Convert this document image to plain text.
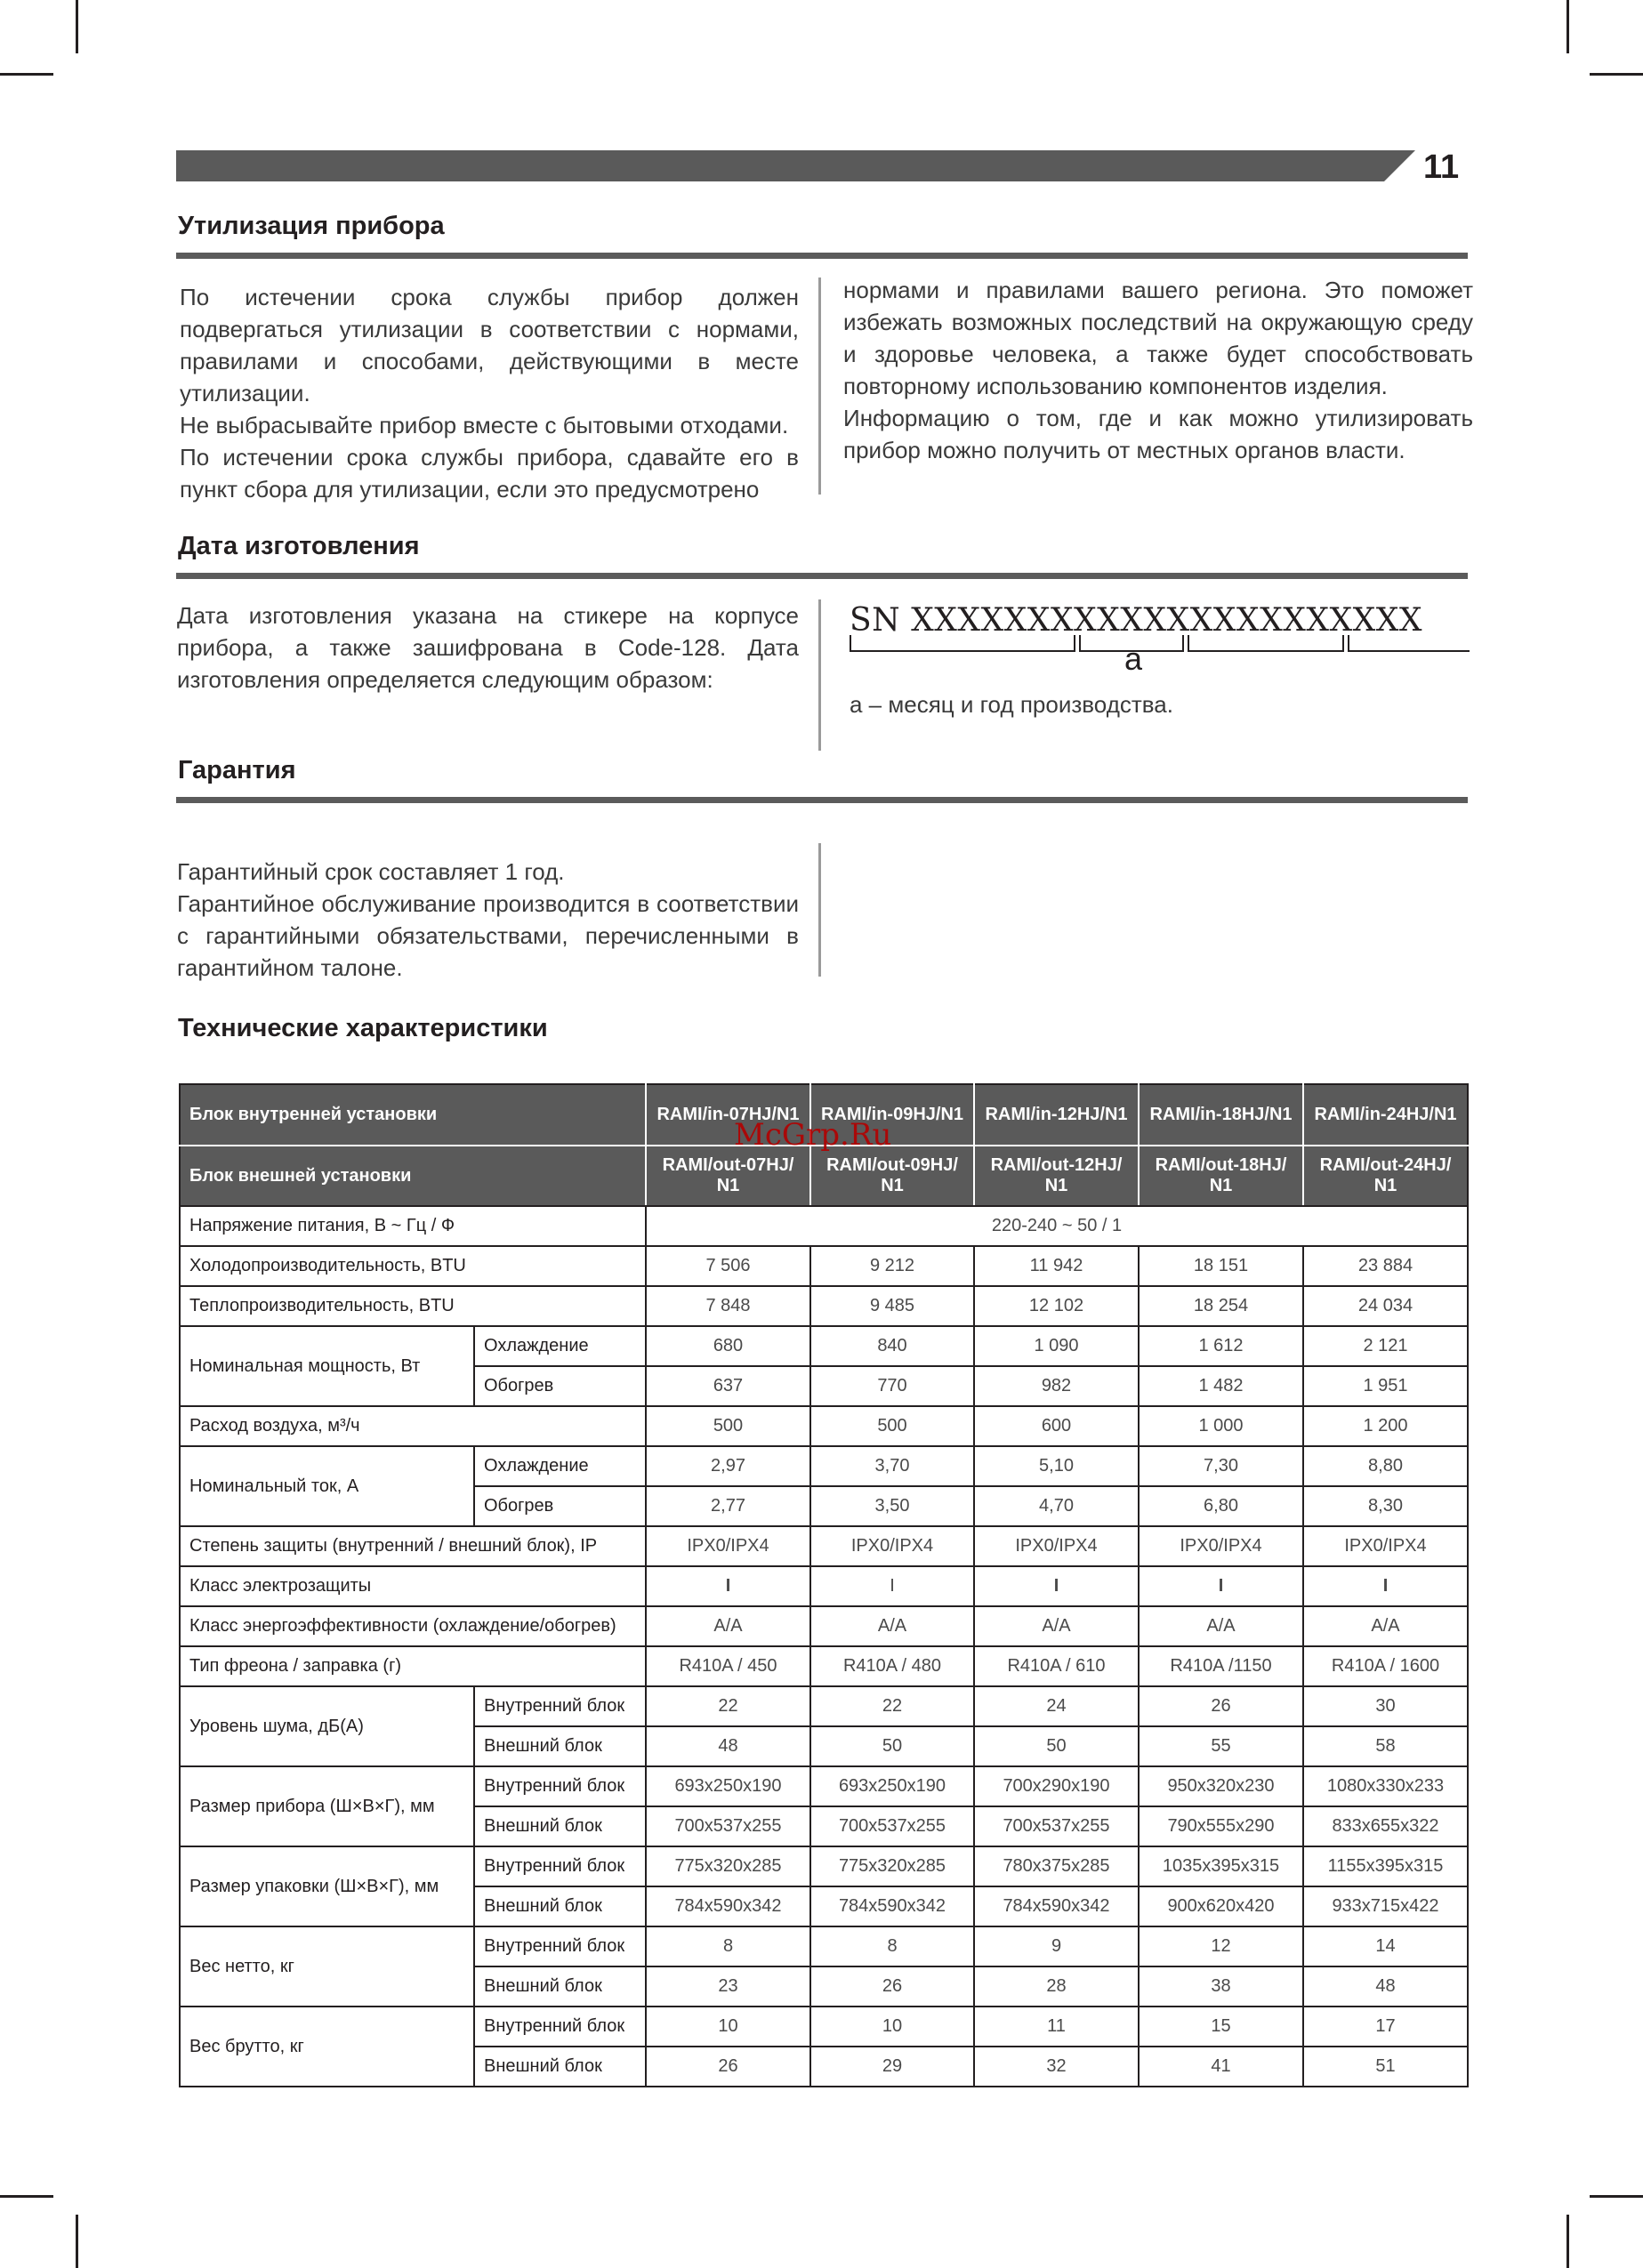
11
Утилизация прибора

По истечении срока службы прибор должен подвергаться утилизации в соответствии с нормами, правилами и способами, действующими в месте утилизации.

Не выбрасывайте прибор вместе с бытовыми отходами.

По истечении срока службы прибора, сдавайте его в пункт сбора для утилизации, если это предусмотрено

нормами и правилами вашего региона. Это поможет избежать возможных последствий на окружающую среду и здоровье человека, а также будет способствовать повторному использованию компонентов изделия.

Информацию о том, где и как можно утилизировать прибор можно получить от местных органов власти.

Дата изготовления
Дата изготовления указана на стикере на корпусе прибора, а также зашифрована в Code-128. Дата изготовления определяется следующим образом:
SN XXXXXXXXXXXXXXXXXXXXXX
a
а – месяц и год производства.
Гарантия

Гарантийный срок составляет 1 год.

Гарантийное обслуживание производится в соответствии с гарантийными обязательствами, перечисленными в гарантийном талоне.

Технические характеристики
Блок внутренней установки		RAMI/in-07HJ/N1	RAMI/in-09HJ/N1	RAMI/in-12HJ/N1	RAMI/in-18HJ/N1	RAMI/in-24HJ/N1
Блок внешней установки		RAMI/out-07HJ/ N1	RAMI/out-09HJ/ N1	RAMI/out-12HJ/ N1	RAMI/out-18HJ/ N1	RAMI/out-24HJ/ N1
Напряжение питания, В ~ Гц / Ф		220-240 ~ 50 / 1				
Холодопроизводительность, BTU		7 506	9 212	11 942	18 151	23 884
Теплопроизводительность, BTU		7 848	9 485	12 102	18 254	24 034
Номинальная мощность, Вт	Охлаждение	680	840	1 090	1 612	2 121
	Обогрев	637	770	982	1 482	1 951
Расход воздуха, м³/ч		500	500	600	1 000	1 200
Номинальный ток, А	Охлаждение	2,97	3,70	5,10	7,30	8,80
	Обогрев	2,77	3,50	4,70	6,80	8,30
Степень защиты (внутренний / внешний блок), IP		IPX0/IPX4	IPX0/IPX4	IPX0/IPX4	IPX0/IPX4	IPX0/IPX4
Класс электрозащиты		I	I	I	I	I
Класс энергоэффективности (охлаждение/обогрев)		A/A	A/A	A/A	A/A	A/A
Тип фреона / заправка (г)		R410A / 450	R410A / 480	R410A / 610	R410A /1150	R410A / 1600
Уровень шума, дБ(А)	Внутренний блок	22	22	24	26	30
	Внешний блок	48	50	50	55	58
Размер прибора (Ш×В×Г), мм	Внутренний блок	693x250x190	693x250x190	700x290x190	950x320x230	1080x330x233
	Внешний блок	700x537x255	700x537x255	700x537x255	790x555x290	833x655x322
Размер упаковки (Ш×В×Г), мм	Внутренний блок	775x320x285	775x320x285	780x375x285	1035x395x315	1155x395x315
	Внешний блок	784x590x342	784x590x342	784x590x342	900x620x420	933x715x422
Вес нетто, кг	Внутренний блок	8	8	9	12	14
	Внешний блок	23	26	28	38	48
Вес брутто, кг	Внутренний блок	10	10	11	15	17
	Внешний блок	26	29	32	41	51
McGrp.Ru
